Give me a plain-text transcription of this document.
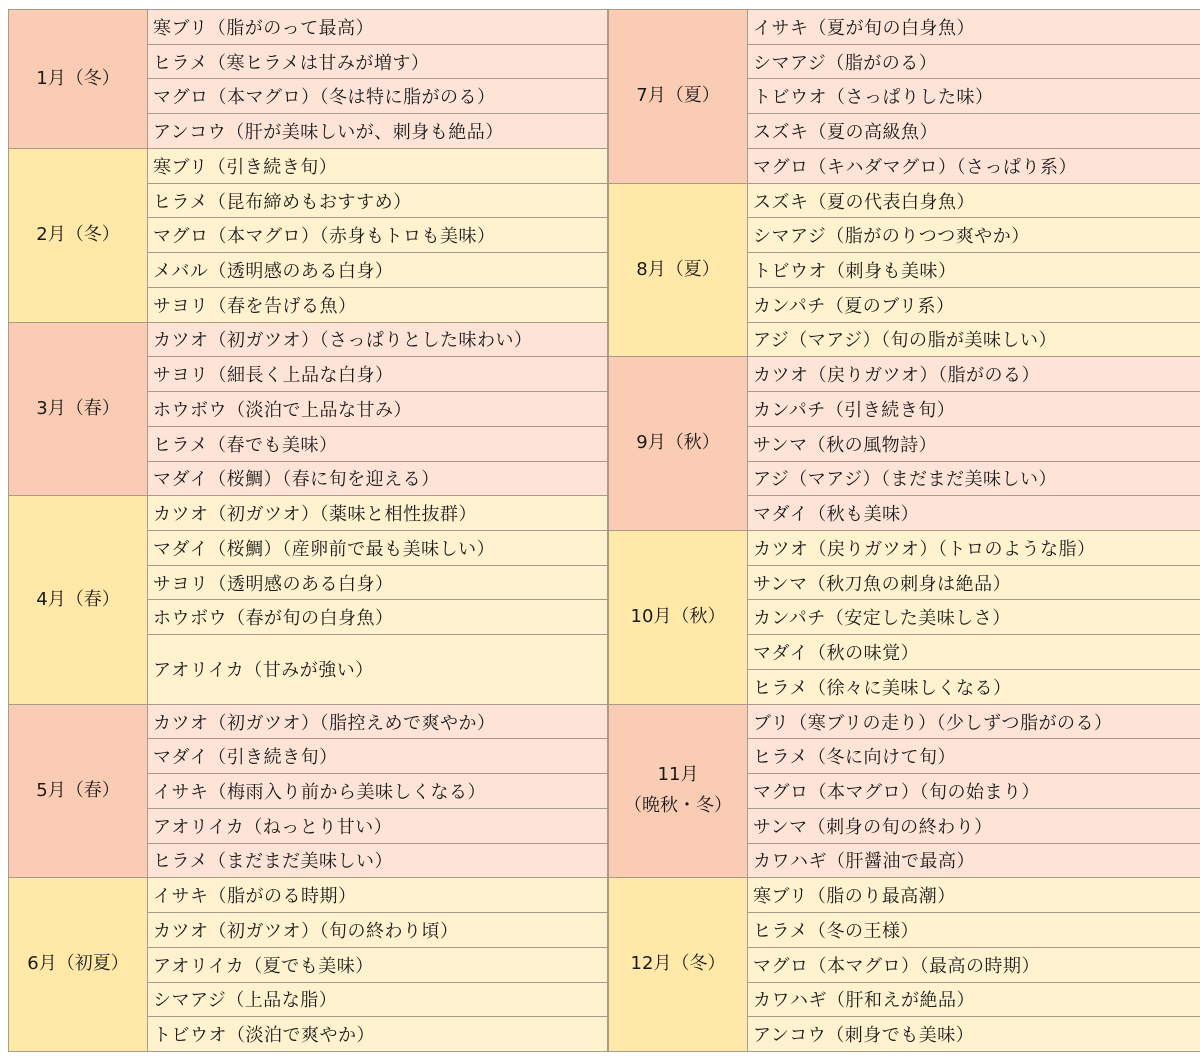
1月（冬）
寒ブリ（脂がのって最高）
ヒラメ（寒ヒラメは甘みが増す）
マグロ（本マグロ）（冬は特に脂がのる）
アンコウ（肝が美味しいが、刺身も絶品）
2月（冬）
寒ブリ（引き続き旬）
ヒラメ（昆布締めもおすすめ）
マグロ（本マグロ）（赤身もトロも美味）
メバル（透明感のある白身）
サヨリ（春を告げる魚）
3月（春）
カツオ（初ガツオ）（さっぱりとした味わい）
サヨリ（細長く上品な白身）
ホウボウ（淡泊で上品な甘み）
ヒラメ（春でも美味）
マダイ（桜鯛）（春に旬を迎える）
4月（春）
カツオ（初ガツオ）（薬味と相性抜群）
マダイ（桜鯛）（産卵前で最も美味しい）
サヨリ（透明感のある白身）
ホウボウ（春が旬の白身魚）
アオリイカ（甘みが強い）
5月（春）
カツオ（初ガツオ）（脂控えめで爽やか）
マダイ（引き続き旬）
イサキ（梅雨入り前から美味しくなる）
アオリイカ（ねっとり甘い）
ヒラメ（まだまだ美味しい）
6月（初夏）
イサキ（脂がのる時期）
カツオ（初ガツオ）（旬の終わり頃）
アオリイカ（夏でも美味）
シマアジ（上品な脂）
トビウオ（淡泊で爽やか）
7月（夏）
イサキ（夏が旬の白身魚）
シマアジ（脂がのる）
トビウオ（さっぱりした味）
スズキ（夏の高級魚）
マグロ（キハダマグロ）（さっぱり系）
8月（夏）
スズキ（夏の代表白身魚）
シマアジ（脂がのりつつ爽やか）
トビウオ（刺身も美味）
カンパチ（夏のブリ系）
アジ（マアジ）（旬の脂が美味しい）
9月（秋）
カツオ（戻りガツオ）（脂がのる）
カンパチ（引き続き旬）
サンマ（秋の風物詩）
アジ（マアジ）（まだまだ美味しい）
マダイ（秋も美味）
10月（秋）
カツオ（戻りガツオ）（トロのような脂）
サンマ（秋刀魚の刺身は絶品）
カンパチ（安定した美味しさ）
マダイ（秋の味覚）
ヒラメ（徐々に美味しくなる）
11月
（晩秋・冬）
ブリ（寒ブリの走り）（少しずつ脂がのる）
ヒラメ（冬に向けて旬）
マグロ（本マグロ）（旬の始まり）
サンマ（刺身の旬の終わり）
カワハギ（肝醤油で最高）
12月（冬）
寒ブリ（脂のり最高潮）
ヒラメ（冬の王様）
マグロ（本マグロ）（最高の時期）
カワハギ（肝和えが絶品）
アンコウ（刺身でも美味）
